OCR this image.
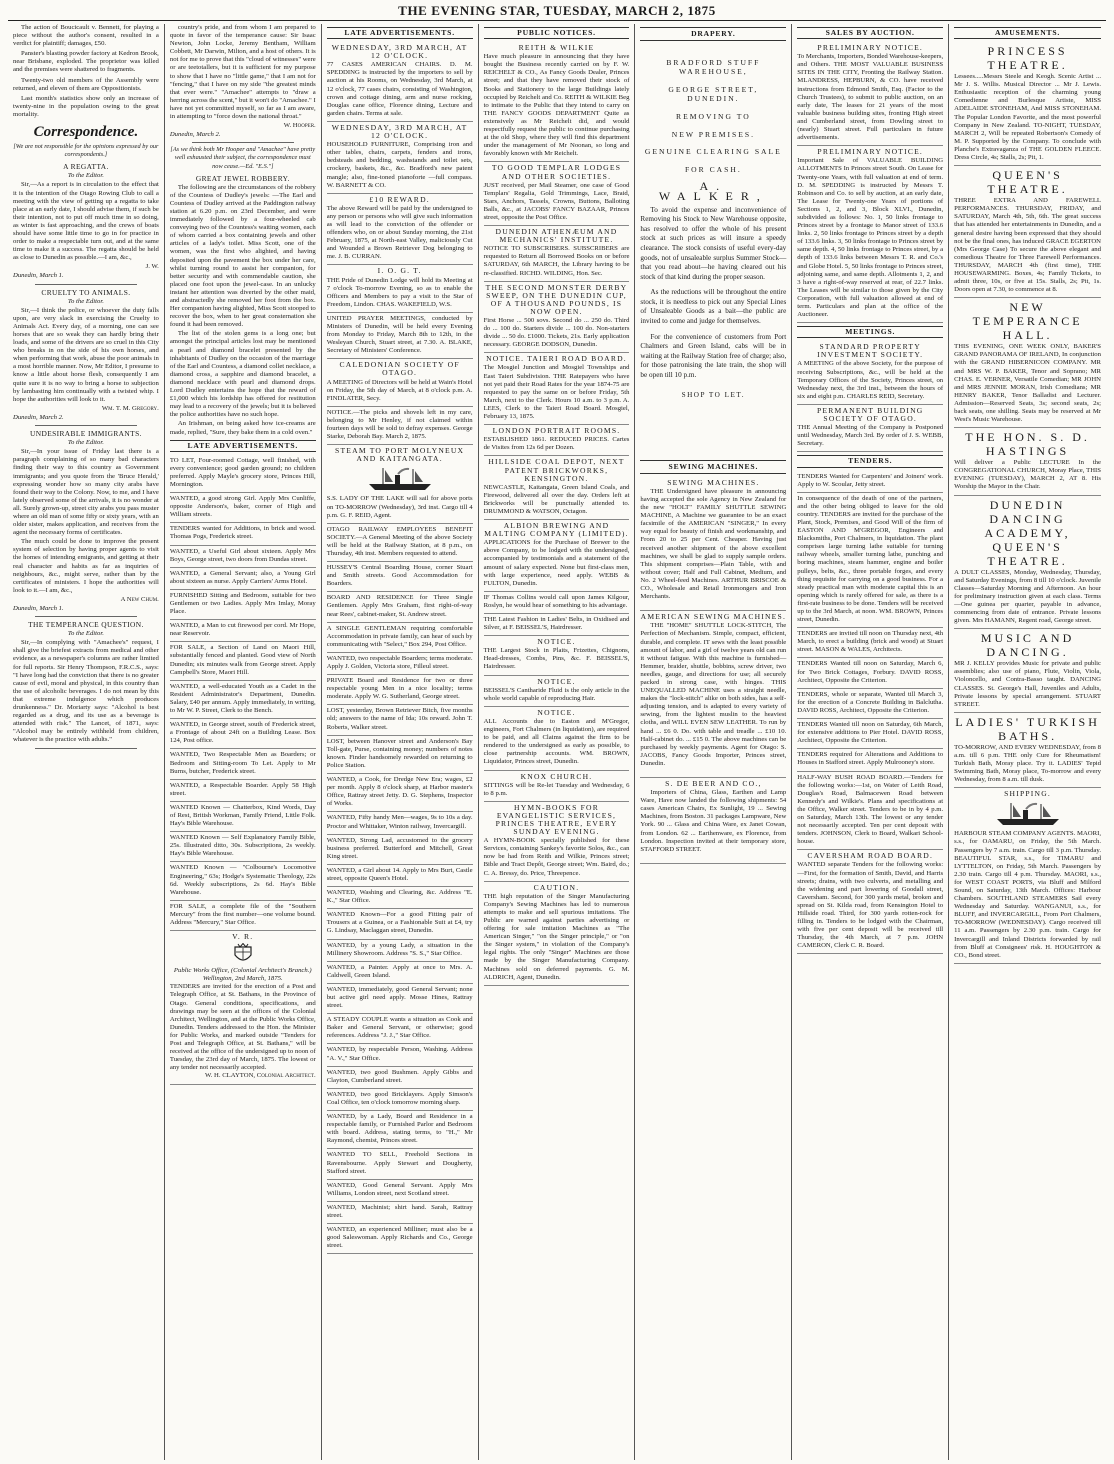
THE EVENING STAR, TUESDAY, MARCH 2, 1875

The action of Boucicault v. Bennett, for playing a piece without the author's consent, resulted in a verdict for plaintiff; damages, £50.

Panster's blasting powder factory at Kedron Brook, near Brisbane, exploded. The proprietor was killed and the premises were shattered to fragments.

Twenty-two old members of the Assembly were returned, and eleven of them are Oppositionists.

Last month's statistics show only an increase of twenty-nine in the population owing to the great mortality.

Correspondence.
[We are not responsible for the opinions expressed by our correspondents.]
A REGATTA.
To the Editor.

Sir,—As a report is in circulation to the effect that it is the intention of the Otago Rowing Club to call a meeting with the view of getting up a regatta to take place at an early date, I should advise them, if such be their intention, not to put off much time in so doing, as winter is fast approaching, and the crews of boats should have some little time to go in for practice in order to make a respectable turn out, and at the same time to make it a success. The regatta should be held as close to Dunedin as possible.—I am, &c.,

J. W.
Dunedin, March 1.
CRUELTY TO ANIMALS.
To the Editor.

Sir,—I think the police, or whoever the duty falls upon, are very slack in exercising the Cruelty to Animals Act. Every day, of a morning, one can see horses that are so weak they can hardly bring their loads, and some of the drivers are so cruel in this City who breaks in on the side of his own horses, and when performing that work, abuse the poor animals in a most horrible manner. Now, Mr Editor, I presume to know a little about horse flesh, consequently I am quite sure it is no way to bring a horse to subjection by lambasting him continually with a twisted whip. I hope the authorities will look to it.

Wm. T. M. Gregory.
Dunedin, March 2.
UNDESIRABLE IMMIGRANTS.
To the Editor.

Sir,—In your issue of Friday last there is a paragraph complaining of so many bad characters finding their way to this country as Government immigrants; and you quote from the 'Bruce Herald,' expressing wonder how so many city arabs have found their way to the Colony. Now, to me, and I have lately observed some of the arrivals, it is no wonder at all. Surely grown-up, street city arabs you pass muster where an old man of some fifty or sixty years, with an older sister, makes application, and receives from the agent the necessary forms of certificates.

The much could be done to improve the present system of selection by having proper agents to visit the homes of intending emigrants, and getting at their real character and habits as far as inquiries of neighbours, &c., might serve, rather than by the certificates of ministers. I hope the authorities will look to it.—I am, &c.,

A New Chum.
Dunedin, March 1.
THE TEMPERANCE QUESTION.
To the Editor.

Sir,—In complying with "Amachee's" request, I shall give the briefest extracts from medical and other evidence, as a newspaper's columns are rather limited for full reports. Sir Henry Thompson, F.R.C.S., says: "I have long had the conviction that there is no greater cause of evil, moral and physical, in this country than the use of alcoholic beverages. I do not mean by this that extreme indulgence which produces drunkenness." Dr. Moriarty says: "Alcohol is best regarded as a drug, and its use as a beverage is attended with risk." The Lancet, of 1871, says: "Alcohol may be entirely withheld from children, whatever is the practice with adults."

country's pride, and from whom I am prepared to quote in favor of the temperance cause: Sir Isaac Newton, John Locke, Jeremy Bentham, William Cobbett, Mr Darwin, Milton, and a host of others. It is not for me to prove that this "cloud of witnesses" were or are teetotallers, but it is sufficient for my purpose to show that I have no "little game," that I am not for "fencing," that I have on my side "the greatest minds that ever were." "Amachee" attempts to "draw a herring across the scent," but it won't do "Amachee." I have not yet committed myself, so far as I am aware, in attempting to "force down the national throat."

W. Hooper.
Dunedin, March 2.
[As we think both Mr Hooper and "Amachee" have pretty well exhausted their subject, the correspondence must now cease.—Ed. "E.S."]
GREAT JEWEL ROBBERY.

The following are the circumstances of the robbery of the Countess of Dudley's jewels: —The Earl and Countess of Dudley arrived at the Paddington railway station at 6.20 p.m. on 23rd December, and were immediately followed by a four-wheeled cab conveying two of the Countess's waiting women, each of whom carried a box containing jewels and other articles of a lady's toilet. Miss Scott, one of the women, was the first who alighted, and having deposited upon the pavement the box under her care, whilst turning round to assist her companion, for better security and with commendable caution, she placed one foot upon the jewel-case. In an unlucky instant her attention was diverted by the other maid, and abstractedly she removed her foot from the box. Her companion having alighted, Miss Scott stooped to recover the box, when to her great consternation she found it had been removed.

The list of the stolen gems is a long one; but amongst the principal articles lost may be mentioned a pearl and diamond bracelet presented by the inhabitants of Dudley on the occasion of the marriage of the Earl and Countess, a diamond collet necklace, a diamond cross, a sapphire and diamond bracelet, a diamond necklace with pearl and diamond drops. Lord Dudley entertains the hope that the reward of £1,000 which his lordship has offered for restitution may lead to a recovery of the jewels; but it is believed the police authorities have no such hope.

An Irishman, on being asked how ice-creams are made, replied, "Sure, they bake them in a cold oven."

LATE ADVERTISEMENTS.

TO LET, Four-roomed Cottage, well finished, with every convenience; good garden ground; no children preferred. Apply Mayle's grocery store, Princes Hill, Mornington.

WANTED, a good strong Girl. Apply Mrs Cunliffe, opposite Anderson's, baker, corner of High and William streets.

TENDERS wanted for Additions, in brick and wood. Thomas Pogs, Frederick street.

WANTED, a Useful Girl about sixteen. Apply Mrs Boys, George street, two doors from Dundas street.

WANTED, a General Servant; also, a Young Girl about sixteen as nurse. Apply Carriers' Arms Hotel.

FURNISHED Sitting and Bedroom, suitable for two Gentlemen or two Ladies. Apply Mrs Imlay, Moray Place.

WANTED, a Man to cut firewood per cord. Mr Hope, near Reservoir.

FOR SALE, a Section of Land on Maori Hill, substantially fenced and planted. Good view of North Dunedin; six minutes walk from George street. Apply Campbell's Store, Maori Hill.

WANTED, a well-educated Youth as a Cadet in the Resident Administrator's Department, Dunedin. Salary, £40 per annum. Apply immediately, in writing, to Mr W. P. Street, Clerk to the Bench.

WANTED, in George street, south of Frederick street, a Frontage of about 24ft on a Building Lease. Box 124, Post office.

WANTED, Two Respectable Men as Boarders; or Bedroom and Sitting-room To Let. Apply to Mr Burns, butcher, Frederick street.

WANTED, a Respectable Boarder. Apply 58 High street.

WANTED Known — Chatterbox, Kind Words, Day of Rest, British Workman, Family Friend, Little Folk. Hay's Bible Warehouse.

WANTED Known — Self Explanatory Family Bible, 25s. Illustrated ditto, 30s. Subscriptions, 2s weekly. Hay's Bible Warehouse.

WANTED Known — "Colbourne's Locomotive Engineering," 63s; Hodge's Systematic Theology, 22s 6d. Weekly subscriptions, 2s 6d. Hay's Bible Warehouse.

FOR SALE, a complete file of the "Southern Mercury" from the first number—one volume bound. Address "Mercury," Star Office.

V. R.
Public Works Office, (Colonial Architect's Branch.) Wellington, 2nd March, 1875.

TENDERS are invited for the erection of a Post and Telegraph Office, at St. Bathans, in the Province of Otago. General conditions, specifications, and drawings may be seen at the offices of the Colonial Architect, Wellington, and at the Public Works Office, Dunedin. Tenders addressed to the Hon. the Minister for Public Works, and marked outside "Tenders for Post and Telegraph Office, at St. Bathans," will be received at the office of the undersigned up to noon of Tuesday, the 23rd day of March, 1875. The lowest or any tender not necessarily accepted.

W. H. CLAYTON, Colonial Architect.
LATE ADVERTISEMENTS.
WEDNESDAY, 3RD MARCH, AT 12 O'CLOCK.

77 CASES AMERICAN CHAIRS. D. M. SPEDDING is instructed by the importers to sell by auction at his Rooms, on Wednesday, 3rd March, at 12 o'clock, 77 cases chairs, consisting of Washington, crown and cottage dining, arm and nurse rocking, Douglas cane office, Florence dining, Lecture and garden chairs. Terms at sale.

WEDNESDAY, 3RD MARCH, AT 12 O'CLOCK.

HOUSEHOLD FURNITURE, Comprising iron and other tables, chairs, carpets, fenders and irons, bedsteads and bedding, washstands and toilet sets, crockery, baskets, &c., &c. Bradford's new patent mangle; also, fine-toned pianoforte —full compass. W. BARNETT & CO.

£10 REWARD.

The above Reward will be paid by the undersigned to any person or persons who will give such information as will lead to the conviction of the offender or offenders who, on or about Sunday morning, the 21st February, 1875, at North-east Valley, maliciously Cut and Wounded a Brown Retriever Dog belonging to me. J. B. CURRAN.

I. O. G. T.

THE Pride of Dunedin Lodge will hold its Meeting at 7 o'clock To-morrow Evening, so as to enable the Officers and Members to pay a visit to the Star of Freedom, Lindon. CHAS. WAKEFIELD, W.S.

UNITED PRAYER MEETINGS, conducted by Ministers of Dunedin, will be held every Evening from Monday to Friday, March 8th to 12th, in the Wesleyan Church, Stuart street, at 7.30. A. BLAKE, Secretary of Ministers' Conference.

CALEDONIAN SOCIETY OF OTAGO.

A MEETING of Directors will be held at Wain's Hotel on Friday, the 5th day of March, at 8 o'clock p.m. A. FINDLATER, Secy.

NOTICE.—The picks and shovels left in my care, belonging to Mr Henley, if not claimed within fourteen days will be sold to defray expenses. George Starke, Deborah Bay. March 2, 1875.

STEAM TO PORT MOLYNEUX AND KAITANGATA.

S.S. LADY OF THE LAKE will sail for above ports on TO-MORROW (Wednesday), 3rd inst. Cargo till 4 p.m. G. F. REID, Agent.

OTAGO RAILWAY EMPLOYEES BENEFIT SOCIETY.—A General Meeting of the above Society will be held at the Railway Station, at 8 p.m., on Thursday, 4th inst. Members requested to attend.

HUSSEY'S Central Boarding House, corner Stuart and Smith streets. Good Accommodation for Boarders.

BOARD AND RESIDENCE for Three Single Gentlemen. Apply Mrs Graham, first right-of-way near Rees', cabinet-maker, St. Andrew street.

A SINGLE GENTLEMAN requiring comfortable Accommodation in private family, can hear of such by communicating with "Select," Box 294, Post Office.

WANTED, two respectable Boarders; terms moderate. Apply J. Golden, Victoria store, Filleul street.

PRIVATE Board and Residence for two or three respectable young Men in a nice locality; terms moderate. Apply W. G. Sutherland, George street.

LOST, yesterday, Brown Retriever Bitch, five months old; answers to the name of Ida; 10s reward. John T. Roberts, Walker street.

LOST, between Hanover street and Anderson's Bay Toll-gate, Purse, containing money; numbers of notes known. Finder handsomely rewarded on returning to Police Station.

WANTED, a Cook, for Dredge New Era; wages, £2 per month. Apply 8 o'clock sharp, at Harbor master's Office, Rattray street Jetty. D. G. Stephens, Inspector of Works.

WANTED, Fifty handy Men—wages, 9s to 10s a day. Proctor and Whittaker, Winton railway, Invercargill.

WANTED, Strong Lad, accustomed to the grocery business preferred. Butterford and Mitchell, Great King street.

WANTED, a Girl about 14. Apply to Mrs Burt, Castle street, opposite Queen's Hotel.

WANTED, Washing and Clearing, &c. Address "E. K.," Star Office.

WANTED Known—For a good Fitting pair of Trousers at a Guinea, or a Fashionable Suit at £4, try G. Lindsay, Maclaggan street, Dunedin.

WANTED, by a young Lady, a situation in the Millinery Showroom. Address "S. S.," Star Office.

WANTED, a Painter. Apply at once to Mrs. A. Caldwell, Green Island.

WANTED, immediately, good General Servant; none but active girl need apply. Mosse Hines, Rattray street.

A STEADY COUPLE wants a situation as Cook and Baker and General Servant, or otherwise; good references. Address "J. J.," Star Office.

WANTED, by respectable Person, Washing. Address "A. V.," Star Office.

WANTED, two good Bushmen. Apply Gibbs and Clayton, Cumberland street.

WANTED, two good Bricklayers. Apply Simson's Coal Office, ten o'clock tomorrow morning sharp.

WANTED, by a Lady, Board and Residence in a respectable family, or Furnished Parlor and Bedroom with board. Address, stating terms, to "H.," Mr Raymond, chemist, Princes street.

WANTED TO SELL, Freehold Sections in Ravensbourne. Apply Stewart and Dougherty, Stafford street.

WANTED, Good General Servant. Apply Mrs Williams, London street, next Scotland street.

WANTED, Machinist; shirt hand. Sarah, Rattray street.

WANTED, an experienced Milliner; must also be a good Saleswoman. Apply Richards and Co., George street.

PUBLIC NOTICES.
REITH & WILKIE

Have much pleasure in announcing that they have bought the Business recently carried on by F. W. REICHELT & CO., As Fancy Goods Dealer, Princes street; and that they have removed their stock of Books and Stationery to the large Buildings lately occupied by Reichelt and Co. REITH & WILKIE Beg to intimate to the Public that they intend to carry on THE FANCY GOODS DEPARTMENT Quite as extensively as Mr Reichelt did, and would respectfully request the public to continue purchasing at the old Shop, where they will find this department under the management of Mr Noonan, so long and favorably known with Mr Reichelt.

TO GOOD TEMPLAR LODGES AND OTHER SOCIETIES.

JUST received, per Mail Steamer, one case of Good Templars' Regalia, Gold Trimmings, Lace, Braid, Stars, Anchors, Tassels, Crowns, Buttons, Balloting Balls, &c., at JACOBS' FANCY BAZAAR, Princes street, opposite the Post Office.

DUNEDIN ATHENÆUM AND MECHANICS' INSTITUTE.

NOTICE TO SUBSCRIBERS. SUBSCRIBERS are requested to Return all Borrowed Books on or before SATURDAY, 6th MARCH, the Library having to be re-classified. RICHD. WILDING, Hon. Sec.

THE SECOND MONSTER DERBY SWEEP, ON THE DUNEDIN CUP, OF A THOUSAND POUNDS, IS NOW OPEN.

First Horse ... 500 sovs. Second do ... 250 do. Third do ... 100 do. Starters divide ... 100 do. Non-starters divide ... 50 do. £1000. Tickets, 21s. Early application necessary. GEORGE DODSON, Dunedin.

NOTICE. TAIERI ROAD BOARD.

The Mosgiel Junction and Mosgiel Townships and East Taieri Subdivision. THE Ratepayers who have not yet paid their Road Rates for the year 1874-75 are requested to pay the same on or before Friday, 5th March, next to the Clerk. Hours 10 a.m. to 3 p.m. A. LEES, Clerk to the Taieri Road Board. Mosgiel, February 13, 1875.

LONDON PORTRAIT ROOMS.

ESTABLISHED 1861. REDUCED PRICES. Cartes de Visites from 12s 6d per Dozen.

HILLSIDE COAL DEPOT, NEXT PATENT BRICKWORKS, KENSINGTON.

NEWCASTLE, Kaitangata, Green Island Coals, and Firewood, delivered all over the day. Orders left at Brickworks will be punctually attended to. DRUMMOND & WATSON, Octagon.

ALBION BREWING AND MALTING COMPANY (LIMITED).

APPLICATIONS for the Purchase of Brewer to the above Company, to be lodged with the undersigned, accompanied by testimonials and a statement of the amount of salary expected. None but first-class men, with large experience, need apply. WEBB & FULTON, Dunedin.

IF Thomas Collins would call upon James Kilgour, Roslyn, he would hear of something to his advantage.

THE Latest Fashion in Ladies' Belts, in Oxidised and Silver, at F. BEISSEL'S, Hairdresser.

NOTICE.

THE Largest Stock in Plaits, Frizettes, Chignons, Head-dresses, Combs, Pins, &c. F. BEISSEL'S, Hairdresser.

NOTICE.

BEISSEL'S Cantharide Fluid is the only article in the whole world capable of reproducing Hair.

NOTICE.

ALL Accounts due to Easton and M'Gregor, engineers, Fort Chalmers (in liquidation), are required to be paid, and all Claims against the firm to be rendered to the undersigned as early as possible, to close partnership accounts. WM. BROWN, Liquidator, Princes street, Dunedin.

KNOX CHURCH.

SITTINGS will be Re-let Tuesday and Wednesday, 6 to 8 p.m.

HYMN-BOOKS FOR EVANGELISTIC SERVICES, PRINCES THEATRE, EVERY SUNDAY EVENING.

A HYMN-BOOK specially published for these Services, containing Sankey's favorite Solos, &c., can now be had from Reith and Wilkie, Princes street; Bible and Tract Depôt, George street; Wm. Baird, do.; C. A. Bressy, do. Price, Threepence.

CAUTION.

THE high reputation of the Singer Manufacturing Company's Sewing Machines has led to numerous attempts to make and sell spurious imitations. The Public are warned against parties advertising or offering for sale imitation Machines as "The American Singer," "on the Singer principle," or "on the Singer system," in violation of the Company's legal rights. The only "Singer" Machines are those made by the Singer Manufacturing Company. Machines sold on deferred payments. G. M. ALDRICH, Agent, Dunedin.

DRAPERY.
BRADFORD STUFF WAREHOUSE,
GEORGE STREET, DUNEDIN.
REMOVING TO
NEW PREMISES.
GENUINE CLEARING SALE
FOR CASH.
A. WALKER,

To avoid the expense and inconvenience of Removing his Stock to New Warehouse opposite, has resolved to offer the whole of his present stock at such prices as will insure a speedy clearance. The stock consists of useful every-day goods, not of unsaleable surplus Summer Stock—that you read about—he having cleared out his stock of that kind during the proper season.

As the reductions will be throughout the entire stock, it is needless to pick out any Special Lines of Unsaleable Goods as a bait—the public are invited to come and judge for themselves.

For the convenience of customers from Port Chalmers and Green Island, cabs will be in waiting at the Railway Station free of charge; also, for those patronising the late train, the shop will be open till 10 p.m.

SHOP TO LET.
SEWING MACHINES.
SEWING MACHINES.

THE Undersigned have pleasure in announcing having accepted the sole Agency in New Zealand for the new "HOLT" FAMILY SHUTTLE SEWING MACHINE, A Machine we guarantee to be an exact facsimile of the AMERICAN "SINGER," In every way equal for beauty of finish and workmanship, and From 20 to 25 per Cent. Cheaper. Having just received another shipment of the above excellent machines, we shall be glad to supply sample orders. This shipment comprises—Plain Table, with and without cover; Half and Full Cabinet, Medium, and No. 2 Wheel-feed Machines. ARTHUR BRISCOE & CO., Wholesale and Retail Ironmongers and Iron Merchants.

AMERICAN SEWING MACHINES.

THE "HOME" SHUTTLE LOCK-STITCH, The Perfection of Mechanism. Simple, compact, efficient, durable, and complete. IT sews with the least possible amount of labor, and a girl of twelve years old can run it without fatigue. With this machine is furnished—Hemmer, braider, shuttle, bobbins, screw driver, two needles, gauge, and directions for use; all securely packed in strong case, with hinges. THIS UNEQUALLED MACHINE uses a straight needle, makes the "lock-stitch" alike on both sides, has a self-adjusting tension, and is adapted to every variety of sewing, from the lightest muslin to the heaviest cloths, and WILL EVEN SEW LEATHER. To run by hand ... £6 0. Do. with table and treadle ... £10 10. Half-cabinet do. ... £15 0. The above machines can be purchased by weekly payments. Agent for Otago: S. JACOBS, Fancy Goods Importer, Princes street, Dunedin.

S. DE BEER AND CO.,

Importers of China, Glass, Earthen and Lamp Ware, Have now landed the following shipments: 54 cases American Chairs, Ex Sunlight, 19 ... Sewing Machines, from Boston. 31 packages Lampware, New York. 90 ... Glass and China Ware, ex Janet Cowan, from London. 62 ... Earthenware, ex Florence, from London. Inspection invited at their temporary store, STAFFORD STREET.

SALES BY AUCTION.
PRELIMINARY NOTICE.

To Merchants, Importers, Bonded Warehouse-keepers, and Others. THE MOST VALUABLE BUSINESS SITES IN THE CITY, Fronting the Railway Station. MLANDRESS, HEPBURN, & CO. have received instructions from Edmond Smith, Esq. (Factor to the Church Trustees), to submit to public auction, on an early date, The leases for 21 years of the most valuable business building sites, fronting High street and Cumberland street, from Dowling street to (nearly) Stuart street. Full particulars in future advertisements.

PRELIMINARY NOTICE.

Important Sale of VALUABLE BUILDING ALLOTMENTS In Princes street South. On Lease for Twenty-one Years, with full valuation at end of term. D. M. SPEDDING is instructed by Messrs T. Robinson and Co. to sell by auction, at an early date, The Lease for Twenty-one Years of portions of Sections 1, 2, and 3, Block XLVI., Dunedin, subdivided as follows: No. 1, 50 links frontage to Princes street by a frontage to Manor street of 133.6 links. 2, 50 links frontage to Princes street by a depth of 133.6 links. 3, 50 links frontage to Princes street by same depth. 4, 50 links frontage to Princes street, by a depth of 133.6 links between Messrs T. R. and Co.'s and Globe Hotel. 5, 50 links frontage to Princes street, adjoining same, and same depth. Allotments 1, 2, and 3 have a right-of-way reserved at rear, of 22.7 links. The Leases will be similar to those given by the City Corporation, with full valuation allowed at end of term. Particulars and plan at the office of the Auctioneer.

MEETINGS.
STANDARD PROPERTY INVESTMENT SOCIETY.

A MEETING of the above Society, for the purpose of receiving Subscriptions, &c., will be held at the Temporary Offices of the Society, Princes street, on Wednesday next, the 3rd inst., between the hours of six and eight p.m. CHARLES REID, Secretary.

PERMANENT BUILDING SOCIETY OF OTAGO.

THE Annual Meeting of the Company is Postponed until Wednesday, March 3rd. By order of J. S. WEBB, Secretary.

TENDERS.

TENDERS Wanted for Carpenters' and Joiners' work. Apply to W. Scoular, Jetty street.

In consequence of the death of one of the partners, and the other being obliged to leave for the old country. TENDERS are invited for the purchase of the Plant, Stock, Premises, and Good Will of the firm of EASTON AND M'GREGOR, Engineers and Blacksmiths, Port Chalmers, in liquidation. The plant comprises large turning lathe suitable for turning railway wheels, smaller turning lathe, punching and boring machines, steam hammer, engine and boiler pulleys, belts, &c., three portable forges, and every thing requisite for carrying on a good business. For a steady practical man with moderate capital this is an opening which is rarely offered for sale, as there is a first-rate business to be done. Tenders will be received up to the 3rd March, at noon. WM. BROWN, Princes street, Dunedin.

TENDERS are invited till noon on Thursday next, 4th March, to erect a building (brick and wood) at Stuart street. MASON & WALES, Architects.

TENDERS Wanted till noon on Saturday, March 6, for Two Brick Cottages, Forbury. DAVID ROSS, Architect, Opposite the Criterion.

TENDERS, whole or separate, Wanted till March 3, for the erection of a Concrete Building in Balclutha. DAVID ROSS, Architect, Opposite the Criterion.

TENDERS Wanted till noon on Saturday, 6th March, for extensive additions to Pier Hotel. DAVID ROSS, Architect, Opposite the Criterion.

TENDERS required for Alterations and Additions to Houses in Stafford street. Apply Mulrooney's store.

HALF-WAY BUSH ROAD BOARD.—Tenders for the following works:—1st, on Water of Leith Road, Douglas's Road, Balmacewen Road between Kennedy's and Wilkie's. Plans and specifications at the Office, Walker street. Tenders to be in by 4 p.m. on Saturday, March 13th. The lowest or any tender not necessarily accepted. Ten per cent deposit with tenders. JOHNSON, Clerk to Board, Walkari School-house.

CAVERSHAM ROAD BOARD.

WANTED separate Tenders for the following works:—First, for the formation of Smith, David, and Harris streets; drains, with two culverts, and metalling and the widening and part lowering of Goodall street, Caversham. Second, for 300 yards metal, broken and spread on St. Kilda road, from Kensington Hotel to Hillside road. Third, for 300 yards rotten-rock for filling in. Tenders to be lodged with the Chairman, with five per cent deposit will be received till Thursday, the 4th March, at 7 p.m. JOHN CAMERON, Clerk C. R. Board.

AMUSEMENTS.
PRINCESS THEATRE.

Lessees.....Messrs Steele and Keogh. Scenic Artist ... Mr J. S. Willis. Musical Director ... Mr J. Lewis. Enthusiastic reception of the charming young Comedienne and Burlesque Artiste, MISS ADELAIDE STONEHAM, And MISS STONEHAM. The Popular London Favorite, and the most powerful Company in New Zealand. TO-NIGHT, TUESDAY, MARCH 2, Will be repeated Robertson's Comedy of M. P. Supported by the Company. To conclude with Planche's Extravaganza of THE GOLDEN FLEECE. Dress Circle, 4s; Stalls, 2s; Pit, 1.

QUEEN'S THEATRE.

THREE EXTRA AND FAREWELL PERFORMANCES. THURSDAY, FRIDAY, and SATURDAY, March 4th, 5th, 6th. The great success that has attended her entertainments in Dunedin, and a general desire having been expressed that they should not be the final ones, has induced GRACE EGERTON (Mrs George Case) To secure the above elegant and comedious Theatre for Three Farewell Performances. THURSDAY, MARCH 4th (first time), THE HOUSEWARMING. Boxes, 4s; Family Tickets, to admit three, 10s, or five at 15s. Stalls, 2s; Pit, 1s. Doors open at 7.30, to commence at 8.

NEW TEMPERANCE HALL.

THIS EVENING, ONE WEEK ONLY, BAKER'S GRAND PANORAMA OF IRELAND, In conjunction with the GRAND HIBERNICON COMPANY. MR and MRS W. P. BAKER, Tenor and Soprano; MR CHAS. E. VERNER, Versatile Comedian; MR JOHN and MRS JENNIE MORAN, Irish Comedians; MR HENRY BAKER, Tenor Balladist and Lecturer. Admission—Reserved Seats, 3s; second seats, 2s; back seats, one shilling. Seats may be reserved at Mr West's Music Warehouse.

THE HON. S. D. HASTINGS

Will deliver a Public LECTURE In the CONGREGATIONAL CHURCH, Moray Place, THIS EVENING (TUESDAY), MARCH 2, AT 8. His Worship the Mayor in the Chair.

DUNEDIN DANCING ACADEMY, QUEEN'S THEATRE.

A DULT CLASSES, Monday, Wednesday, Thursday, and Saturday Evenings, from 8 till 10 o'clock. Juvenile Classes—Saturday Morning and Afternoon. An hour for preliminary instruction given at each class. Terms—One guinea per quarter, payable in advance, commencing from date of entrance. Private lessons given. Mrs HAMANN, Regent road, George street.

MUSIC AND DANCING.

MR J. KELLY provides Music for private and public assemblies; also use of piano, Flute, Violin, Viola, Violoncello, and Contra-Basso taught. DANCING CLASSES. St. George's Hall, Juveniles and Adults, Private lessons by special arrangement. STUART STREET.

LADIES' TURKISH BATHS.

TO-MORROW, AND EVERY WEDNESDAY, from 8 a.m. till 6 p.m. THE only Cure for Rheumatism! Turkish Bath, Moray place. Try it. LADIES' Tepid Swimming Bath, Moray place, To-morrow and every Wednesday, from 8 a.m. till dusk.

SHIPPING.

HARBOUR STEAM COMPANY AGENTS. MAORI, s.s., for OAMARU, on Friday, the 5th March. Passengers by 7 a.m. train. Cargo till 3 p.m. Thursday. BEAUTIFUL STAR, s.s., for TIMARU and LYTTELTON, on Friday, 5th March. Passengers by 2.30 train. Cargo till 4 p.m. Thursday. MAORI, s.s., for WEST COAST PORTS, via Bluff and Milford Sound, on Saturday, 13th March. Offices: Harbour Chambers. SOUTHLAND STEAMERS Sail every Wednesday and Saturday. WANGANUI, s.s., for BLUFF, and INVERCARGILL, From Port Chalmers, TO-MORROW (WEDNESDAY). Cargo received till 11 a.m. Passengers by 2.30 p.m. train. Cargo for Invercargill and Inland Districts forwarded by rail from Bluff at Consignees' risk. H. HOUGHTON & CO., Bond street.
